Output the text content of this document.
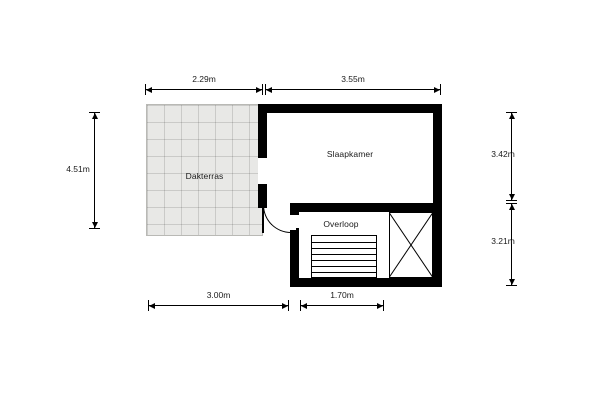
2.29m	3.55m
4.51m
3.42m
3.21m
3.00m	1.70m
Dakterras
Slaapkamer
Overloop
